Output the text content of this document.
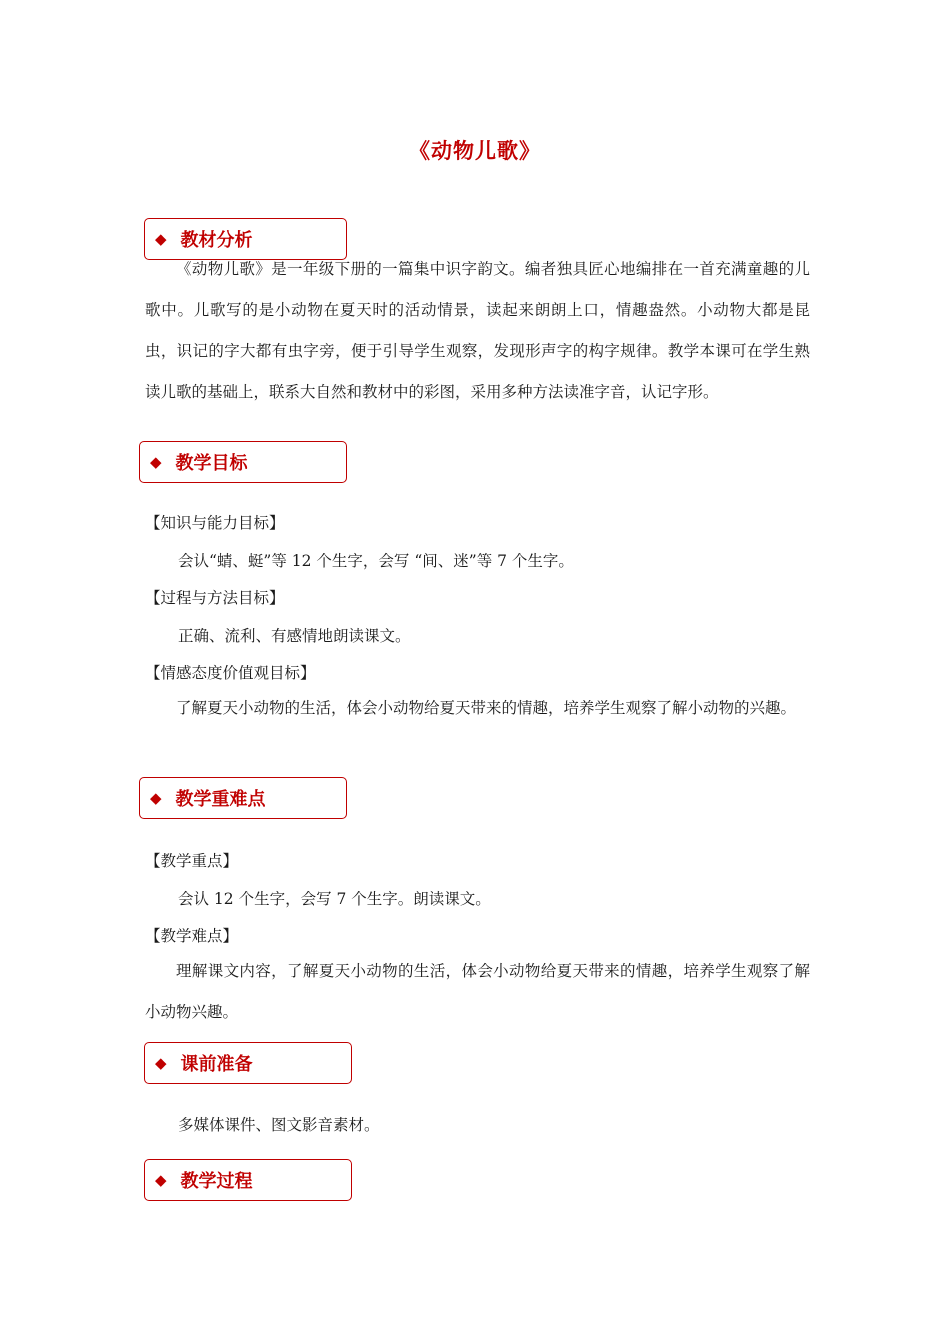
《动物儿歌》
◆ 教材分析
《动物儿歌》是一年级下册的一篇集中识字韵文。编者独具匠心地编排在一首充满童趣的儿歌中。儿歌写的是小动物在夏天时的活动情景，读起来朗朗上口，情趣盎然。小动物大都是昆虫，识记的字大都有虫字旁，便于引导学生观察，发现形声字的构字规律。教学本课可在学生熟读儿歌的基础上，联系大自然和教材中的彩图，采用多种方法读准字音，认记字形。
◆ 教学目标
【知识与能力目标】
会认“蜻、蜓”等 12 个生字，会写 “间、迷”等 7 个生字。
【过程与方法目标】
正确、流利、有感情地朗读课文。
【情感态度价值观目标】
了解夏天小动物的生活，体会小动物给夏天带来的情趣，培养学生观察了解小动物的兴趣。
◆ 教学重难点
【教学重点】
会认 12 个生字，会写 7 个生字。朗读课文。
【教学难点】
理解课文内容，了解夏天小动物的生活，体会小动物给夏天带来的情趣，培养学生观察了解小动物兴趣。
◆ 课前准备
多媒体课件、图文影音素材。
◆ 教学过程
